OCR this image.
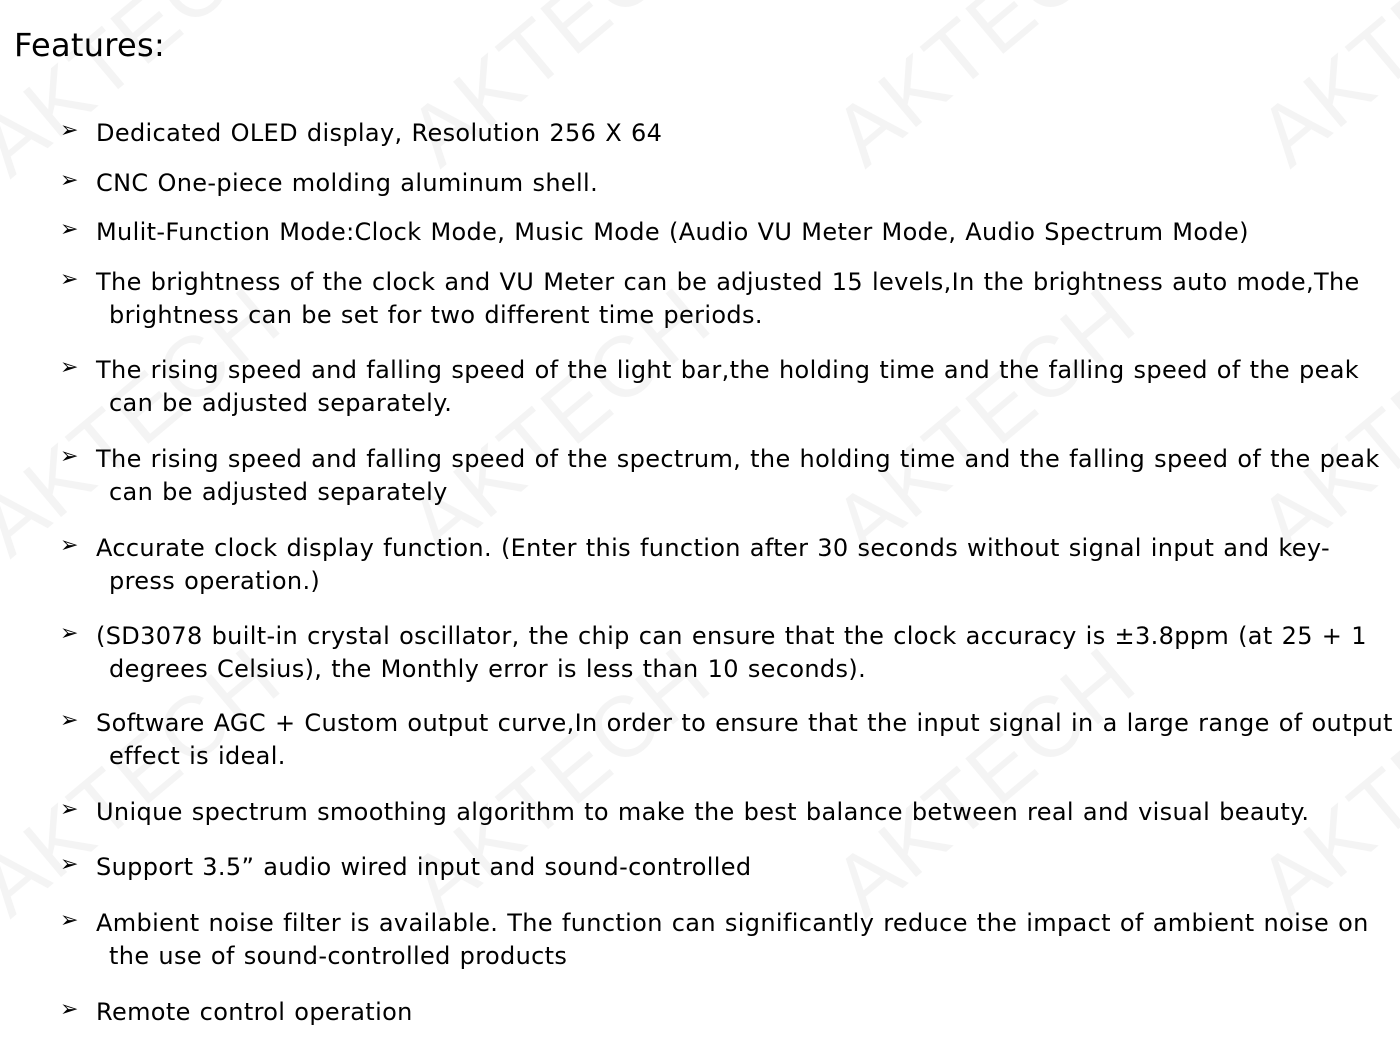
Features:
➢ Dedicated OLED display, Resolution 256 X 64
➢ CNC One-piece molding aluminum shell.
➢ Mulit-Function Mode:Clock Mode, Music Mode (Audio VU Meter Mode, Audio Spectrum Mode)
➢ The brightness of the clock and VU Meter can be adjusted 15 levels,In the brightness auto mode,The brightness can be set for two different time periods.
➢ The rising speed and falling speed of the light bar,the holding time and the falling speed of the peak can be adjusted separately.
➢ The rising speed and falling speed of the spectrum, the holding time and the falling speed of the peak can be adjusted separately
➢ Accurate clock display function. (Enter this function after 30 seconds without signal input and key-press operation.)
➢ (SD3078 built-in crystal oscillator, the chip can ensure that the clock accuracy is ±3.8ppm (at 25 + 1 degrees Celsius), the Monthly error is less than 10 seconds).
➢ Software AGC + Custom output curve,In order to ensure that the input signal in a large range of output effect is ideal.
➢ Unique spectrum smoothing algorithm to make the best balance between real and visual beauty.
➢ Support 3.5” audio wired input and sound-controlled
➢ Ambient noise filter is available. The function can significantly reduce the impact of ambient noise on the use of sound-controlled products
➢ Remote control operation
